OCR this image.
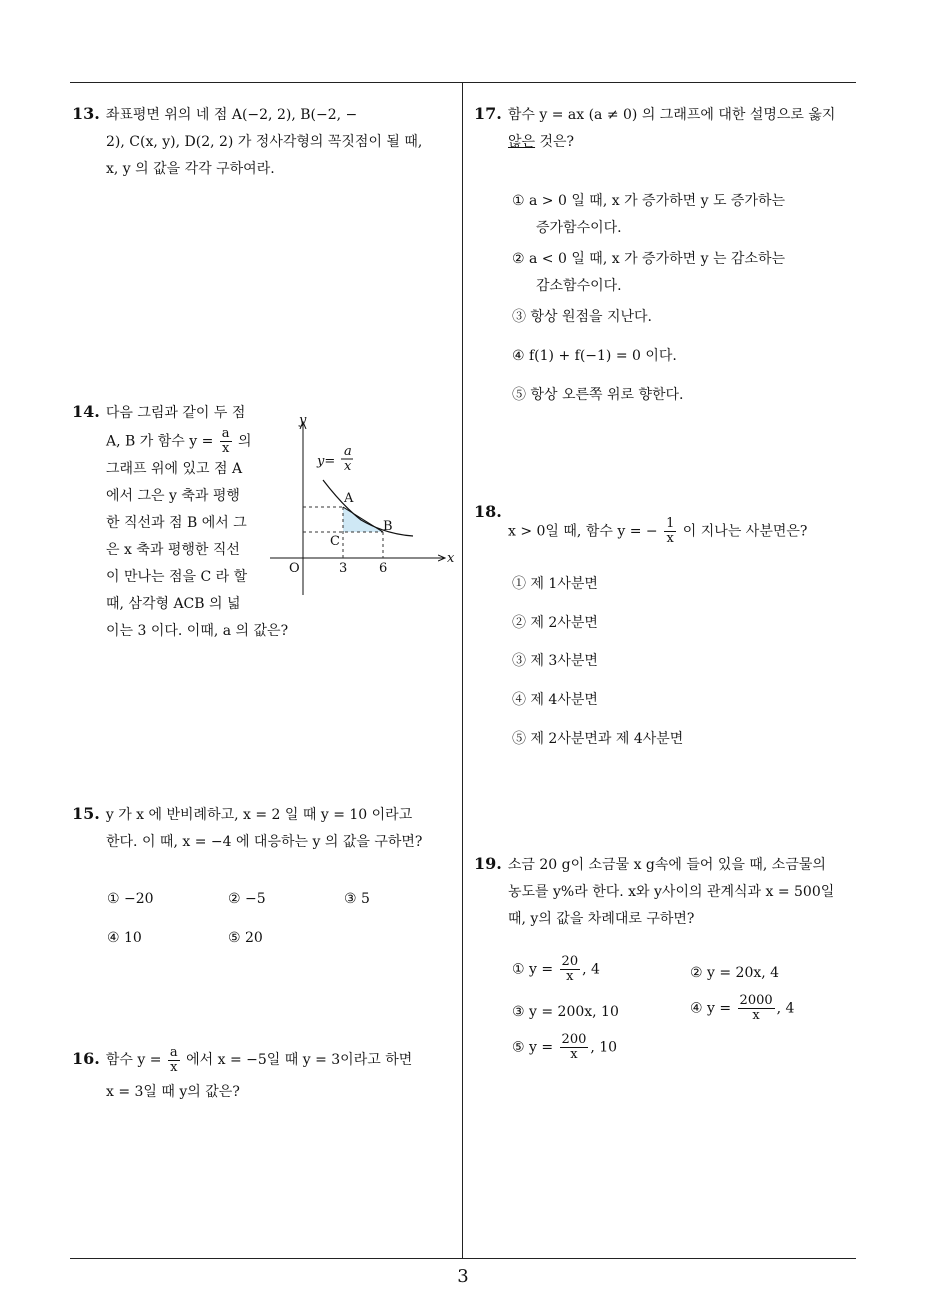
13. 좌표평면 위의 네 점 A(−2, 2), B(−2, −
2), C(x, y), D(2, 2) 가 정사각형의 꼭짓점이 될 때,
x, y 의 값을 각각 구하여라.
14. 다음 그림과 같이 두 점
A, B 가 함수 $y = \frac{a}{x}$ 의
그래프 위에 있고 점 A
에서 그은 y 축과 평행
한 직선과 점 B 에서 그
은 x 축과 평행한 직선
이 만나는 점을 C 라 할
때, 삼각형 ACB 의 넓
이는 3 이다. 이때, a 의 값은?
y
x
O
y=
a
x
A
B
C
3 6
15. y 가 x 에 반비례하고, x = 2 일 때 y = 10 이라고
한다. 이 때, x = −4 에 대응하는 y 의 값을 구하면?
① −20	② −5	③ 5
④ 10	⑤ 20
16. 함수 $y = \frac{a}{x}$ 에서 x = −5일 때 y = 3이라고 하면
x = 3일 때 y의 값은?
17. 함수 y = ax (a ≠ 0) 의 그래프에 대한 설명으로 옳지
않은 것은?
① a > 0 일 때, x 가 증가하면 y 도 증가하는
증가함수이다.
② a < 0 일 때, x 가 증가하면 y 는 감소하는
감소함수이다.
③ 항상 원점을 지난다.
④ f(1) + f(−1) = 0 이다.
⑤ 항상 오른쪽 위로 향한다.
18.
x > 0일 때, 함수 y = − $\frac{1}{x}$ 이 지나는 사분면은?
① 제 1사분면
② 제 2사분면
③ 제 3사분면
④ 제 4사분면
⑤ 제 2사분면과 제 4사분면
19. 소금 20 g이 소금물 x g속에 들어 있을 때, 소금물의
농도를 y%라 한다. x와 y사이의 관계식과 x = 500일
때, y의 값을 차례대로 구하면?
① $y = \frac{20}{x}$ , 4	② y = 20x, 4
③ y = 200x, 10	④ $y = \frac{2000}{x}$ , 4
⑤ $y = \frac{200}{x}$ , 10
3
